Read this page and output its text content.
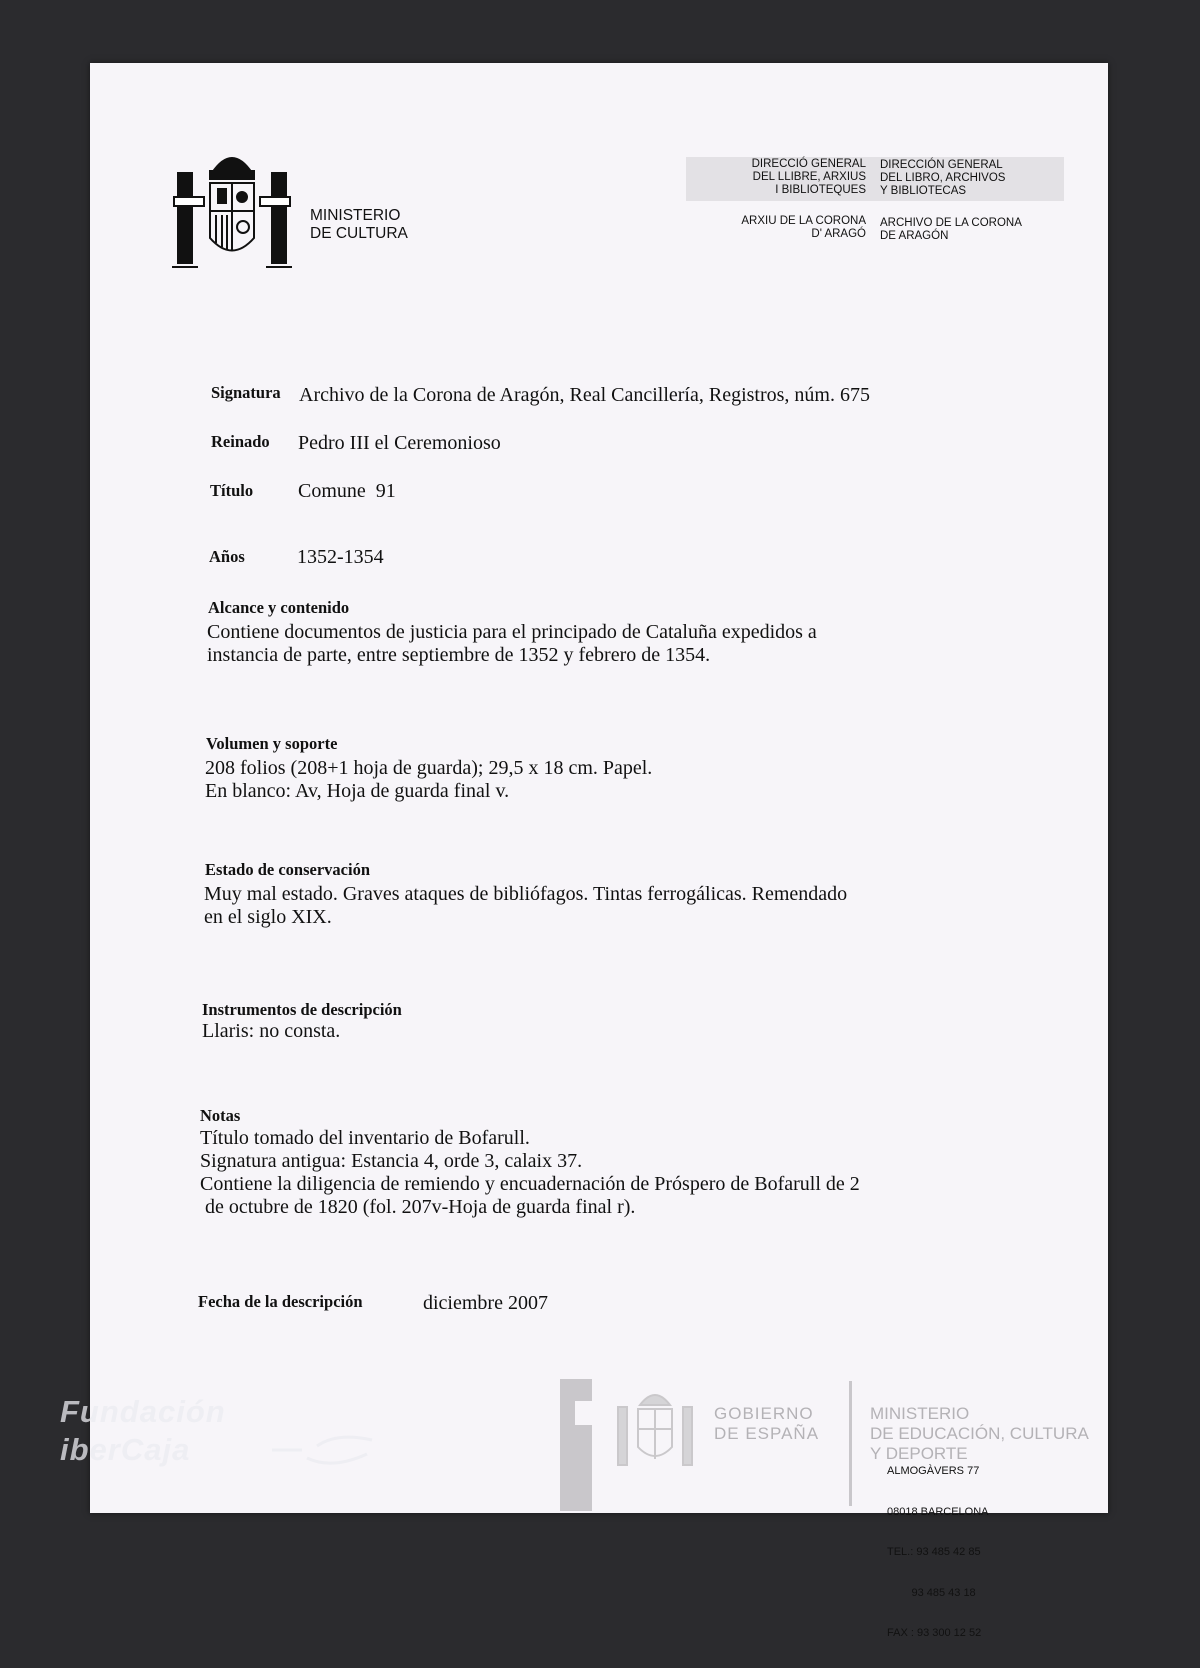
MINISTERIO
DE CULTURA
DIRECCIÓ GENERAL
DEL LLIBRE, ARXIUS
I BIBLIOTEQUES
DIRECCIÓN GENERAL
DEL LIBRO, ARCHIVOS
Y BIBLIOTECAS
ARXIU DE LA CORONA
D' ARAGÓ
ARCHIVO DE LA CORONA
DE ARAGÓN
Signatura Archivo de la Corona de Aragón, Real Cancillería, Registros, núm. 675
Reinado Pedro III el Ceremonioso
Título Comune  91
Años	1352-1354
Alcance y contenido
Contiene documentos de justicia para el principado de Cataluña expedidos a
instancia de parte, entre septiembre de 1352 y febrero de 1354.
Volumen y soporte
208 folios (208+1 hoja de guarda); 29,5 x 18 cm. Papel.
En blanco: Av, Hoja de guarda final v.
Estado de conservación
Muy mal estado. Graves ataques de bibliófagos. Tintas ferrogálicas. Remendado
en el siglo XIX.
Instrumentos de descripción
Llaris: no consta.
Notas
Título tomado del inventario de Bofarull.
Signatura antigua: Estancia 4, orde 3, calaix 37.
Contiene la diligencia de remiendo y encuadernación de Próspero de Bofarull de 2
de octubre de 1820 (fol. 207v-Hoja de guarda final r).
Fecha de la descripción	diciembre 2007
GOBIERNO
DE ESPAÑA
MINISTERIO
DE EDUCACIÓN, CULTURA
Y DEPORTE

ALMOGÀVERS 77

08018 BARCELONA

TEL.: 93 485 42 85

93 485 43 18

FAX : 93 300 12 52

Fundación
iberCaja
